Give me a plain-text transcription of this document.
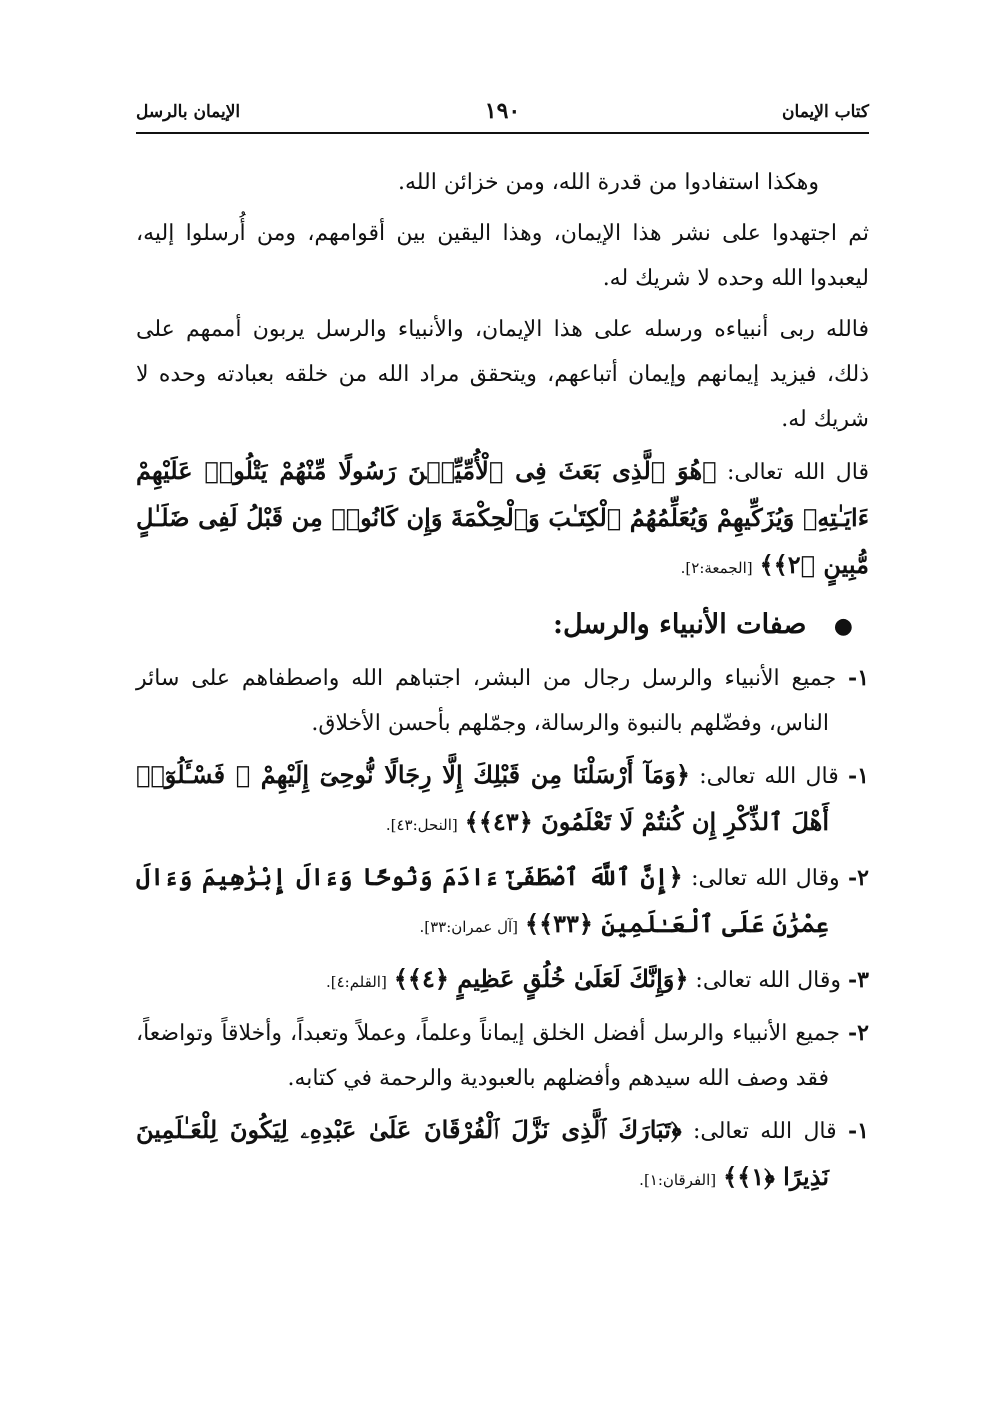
كتاب الإيمان
١٩٠
الإيمان بالرسل

وهكذا استفادوا من قدرة الله، ومن خزائن الله.

ثم اجتهدوا على نشر هذا الإيمان، وهذا اليقين بين أقوامهم، ومن أُرسلوا إليه، ليعبدوا الله وحده لا شريك له.

فالله ربى أنبياءه ورسله على هذا الإيمان، والأنبياء والرسل يربون أممهم على ذلك، فيزيد إيمانهم وإيمان أتباعهم، ويتحقق مراد الله من خلقه بعبادته وحده لا شريك له.

قال الله تعالى: ﴿هُوَ ٱلَّذِى بَعَثَ فِى ٱلْأُمِّيِّـۧنَ رَسُولًا مِّنْهُمْ يَتْلُوا۟ عَلَيْهِمْ ءَايَـٰتِهِۦ وَيُزَكِّيهِمْ وَيُعَلِّمُهُمُ ٱلْكِتَـٰبَ وَٱلْحِكْمَةَ وَإِن كَانُوا۟ مِن قَبْلُ لَفِى ضَلَـٰلٍ مُّبِينٍ ﴿٢﴾﴾ [الجمعة:٢].

● صفات الأنبياء والرسل:

١- جميع الأنبياء والرسل رجال من البشر، اجتباهم الله واصطفاهم على سائر الناس، وفضّلهم بالنبوة والرسالة، وجمّلهم بأحسن الأخلاق.

١- قال الله تعالى: ﴿وَمَآ أَرْسَلْنَا مِن قَبْلِكَ إِلَّا رِجَالًا نُّوحِىٓ إِلَيْهِمْ ۚ فَسْـَٔلُوٓا۟ أَهْلَ ٱلذِّكْرِ إِن كُنتُمْ لَا تَعْلَمُونَ ﴿٤٣﴾﴾ [النحل:٤٣].

٢- وقال الله تعالى: ﴿إِنَّ ٱللَّهَ ٱصْطَفَىٰٓ ءَادَمَ وَنُوحًا وَءَالَ إِبْرَٰهِيمَ وَءَالَ عِمْرَٰنَ عَلَى ٱلْعَـٰلَمِينَ ﴿٣٣﴾﴾ [آل عمران:٣٣].

٣- وقال الله تعالى: ﴿وَإِنَّكَ لَعَلَىٰ خُلُقٍ عَظِيمٍ ﴿٤﴾﴾ [القلم:٤].

٢- جميع الأنبياء والرسل أفضل الخلق إيماناً وعلماً، وعملاً وتعبداً، وأخلاقاً وتواضعاً، فقد وصف الله سيدهم وأفضلهم بالعبودية والرحمة في كتابه.

١- قال الله تعالى: ﴿تَبَارَكَ ٱلَّذِى نَزَّلَ ٱلْفُرْقَانَ عَلَىٰ عَبْدِهِۦ لِيَكُونَ لِلْعَـٰلَمِينَ نَذِيرًا ﴿١﴾﴾ [الفرقان:١].
